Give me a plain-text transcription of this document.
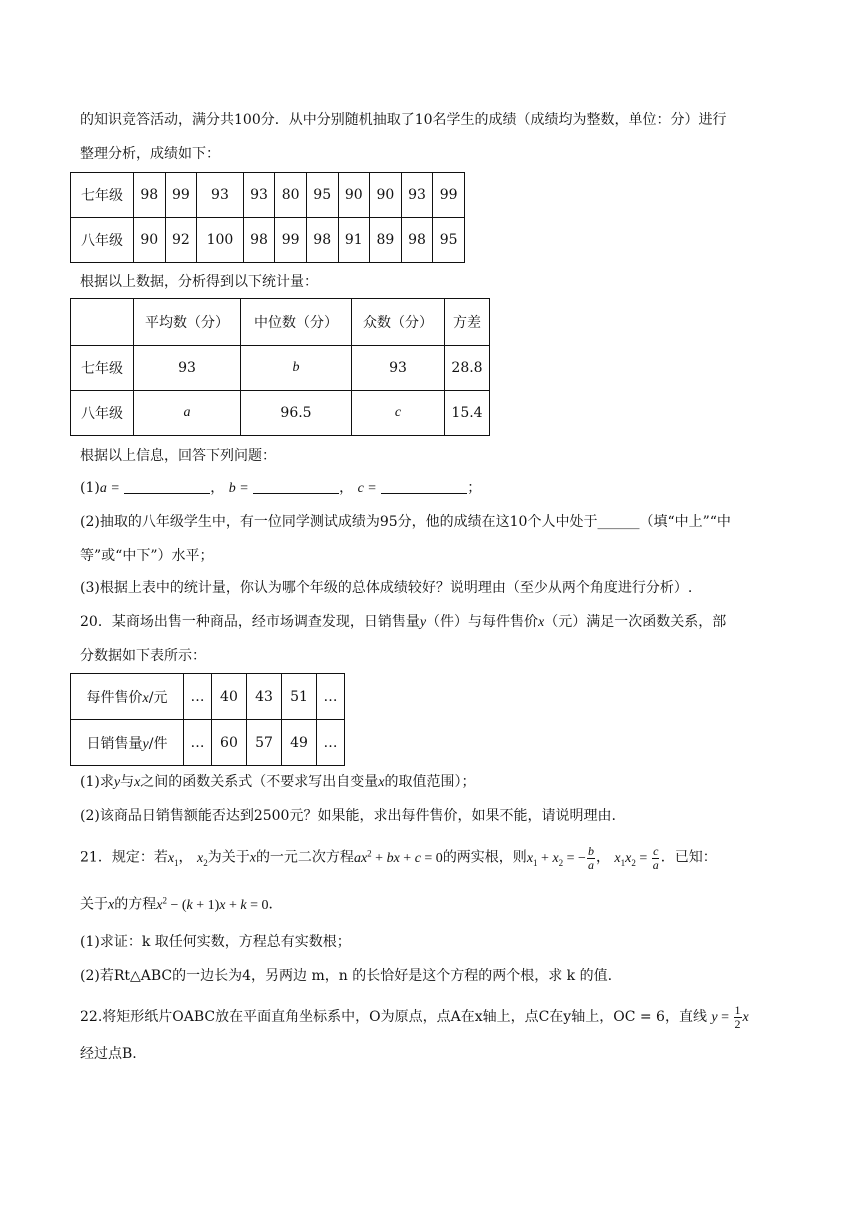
的知识竞答活动，满分共100分．从中分别随机抽取了10名学生的成绩（成绩均为整数，单位：分）进行
整理分析，成绩如下：
七年级	98	99	93	93	80	95	90	90	93	99
八年级	90	92	100	98	99	98	91	89	98	95
根据以上数据，分析得到以下统计量：
	平均数（分）	中位数（分）	众数（分）	方差
七年级	93	b	93	28.8
八年级	a	96.5	c	15.4
根据以上信息，回答下列问题：
(1)a =	， b =	， c =	；
(2)抽取的八年级学生中，有一位同学测试成绩为95分，他的成绩在这10个人中处于______（填“中上”“中
等”或“中下”）水平；
(3)根据上表中的统计量，你认为哪个年级的总体成绩较好？说明理由（至少从两个角度进行分析）.
20．某商场出售一种商品，经市场调查发现，日销售量y（件）与每件售价x（元）满足一次函数关系，部
分数据如下表所示：
每件售价x/元	…	40	43	51	…
日销售量y/件	…	60	57	49	…
(1)求y与x之间的函数关系式（不要求写出自变量x的取值范围）；
(2)该商品日销售额能否达到2500元？如果能，求出每件售价，如果不能，请说明理由.
21．规定：若$x_1$， $x_2$为关于x的一元二次方程$ax^2$ + bx + c = 0的两实根，则$x_1 + x_2$ = − $\frac{b}{a}$ ， $x_1x_2 = \frac{c}{a}$ ．已知：
关于x的方程$x^2 - (k + 1)x + k = 0$．
(1)求证：k 取任何实数，方程总有实数根；
(2)若Rt△ABC的一边长为4，另两边 m，n 的长恰好是这个方程的两个根，求 k 的值.
22.将矩形纸片OABC放在平面直角坐标系中，O为原点，点A在x轴上，点C在y轴上，OC = 6，直线 $y = \frac{1}{2}$ x
经过点B.
